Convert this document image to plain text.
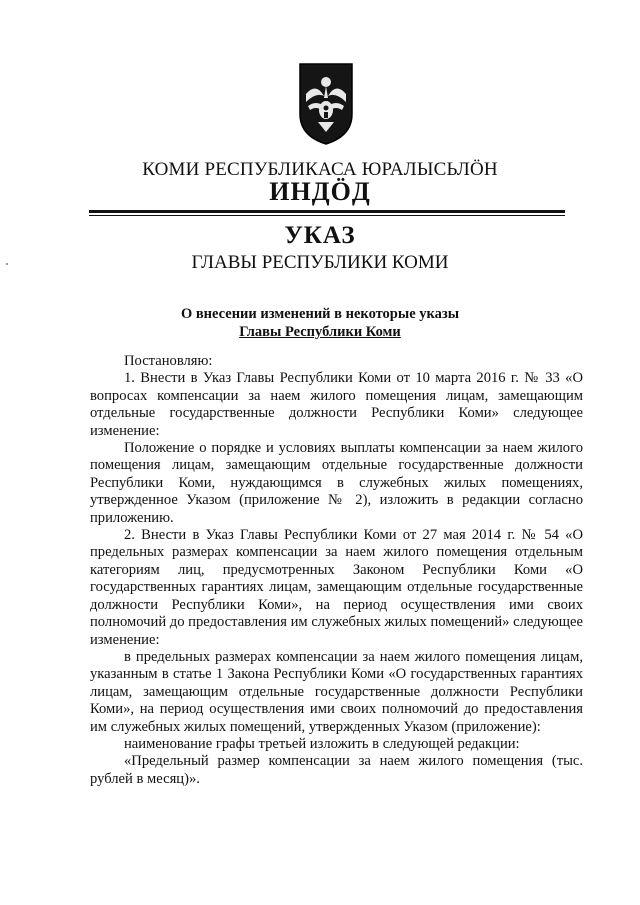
КОМИ РЕСПУБЛИКАСА ЮРАЛЫСЬЛÖН
ИНДÖД
УКАЗ
ГЛАВЫ РЕСПУБЛИКИ КОМИ
О внесении изменений в некоторые указы
Главы Республики Коми

Постановляю:

1. Внести в Указ Главы Республики Коми от 10 марта 2016 г. № 33 «О вопросах компенсации за наем жилого помещения лицам, замещающим отдельные государственные должности Республики Коми» следующее изменение:

Положение о порядке и условиях выплаты компенсации за наем жилого помещения лицам, замещающим отдельные государственные должности Республики Коми, нуждающимся в служебных жилых помещениях, утвержденное Указом (приложение № 2), изложить в редакции согласно приложению.

2. Внести в Указ Главы Республики Коми от 27 мая 2014 г. № 54 «О предельных размерах компенсации за наем жилого помещения отдельным категориям лиц, предусмотренных Законом Республики Коми «О государственных гарантиях лицам, замещающим отдельные государственные должности Республики Коми», на период осуществления ими своих полномочий до предоставления им служебных жилых помещений» следующее изменение:

в предельных размерах компенсации за наем жилого помещения лицам, указанным в статье 1 Закона Республики Коми «О государственных гарантиях лицам, замещающим отдельные государственные должности Республики Коми», на период осуществления ими своих полномочий до предоставления им служебных жилых помещений, утвержденных Указом (приложение):

наименование графы третьей изложить в следующей редакции:

«Предельный размер компенсации за наем жилого помещения (тыс. рублей в месяц)».
